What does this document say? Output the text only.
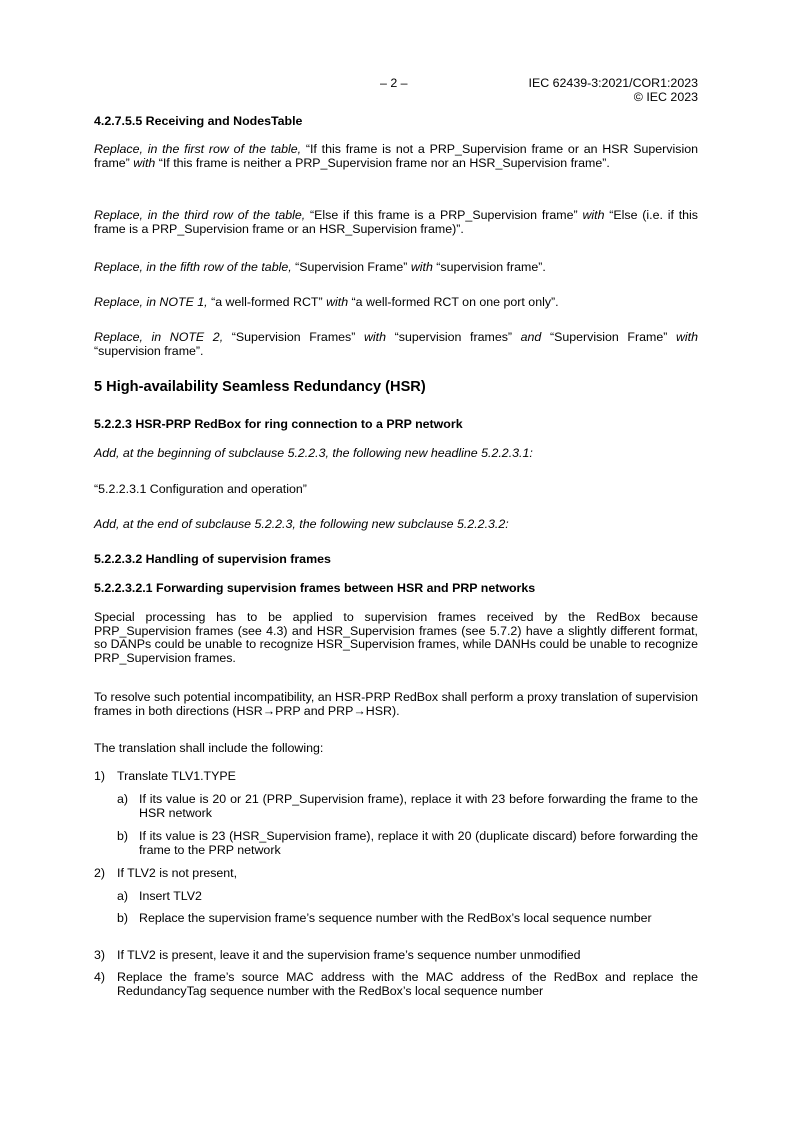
– 2 –	IEC 62439-3:2021/COR1:2023
© IEC 2023
4.2.7.5.5 Receiving and NodesTable
Replace, in the first row of the table, “If this frame is not a PRP_Supervision frame or an HSR Supervision frame” with “If this frame is neither a PRP_Supervision frame nor an HSR_Supervision frame”.
Replace, in the third row of the table, “Else if this frame is a PRP_Supervision frame” with “Else (i.e. if this frame is a PRP_Supervision frame or an HSR_Supervision frame)”.
Replace, in the fifth row of the table, “Supervision Frame” with “supervision frame”.
Replace, in NOTE 1, “a well-formed RCT” with “a well-formed RCT on one port only”.
Replace, in NOTE 2, “Supervision Frames” with “supervision frames” and “Supervision Frame” with “supervision frame”.
5 High-availability Seamless Redundancy (HSR)
5.2.2.3 HSR-PRP RedBox for ring connection to a PRP network
Add, at the beginning of subclause 5.2.2.3, the following new headline 5.2.2.3.1:
“5.2.2.3.1 Configuration and operation”
Add, at the end of subclause 5.2.2.3, the following new subclause 5.2.2.3.2:
5.2.2.3.2 Handling of supervision frames
5.2.2.3.2.1 Forwarding supervision frames between HSR and PRP networks
Special processing has to be applied to supervision frames received by the RedBox because PRP_Supervision frames (see 4.3) and HSR_Supervision frames (see 5.7.2) have a slightly different format, so DANPs could be unable to recognize HSR_Supervision frames, while DANHs could be unable to recognize PRP_Supervision frames.
To resolve such potential incompatibility, an HSR-PRP RedBox shall perform a proxy translation of supervision frames in both directions (HSR→PRP and PRP→HSR).
The translation shall include the following:
1) Translate TLV1.TYPE
a) If its value is 20 or 21 (PRP_Supervision frame), replace it with 23 before forwarding the frame to the HSR network
b) If its value is 23 (HSR_Supervision frame), replace it with 20 (duplicate discard) before forwarding the frame to the PRP network
2) If TLV2 is not present,
a) Insert TLV2
b) Replace the supervision frame’s sequence number with the RedBox’s local sequence number
3) If TLV2 is present, leave it and the supervision frame’s sequence number unmodified
4) Replace the frame’s source MAC address with the MAC address of the RedBox and replace the RedundancyTag sequence number with the RedBox’s local sequence number
